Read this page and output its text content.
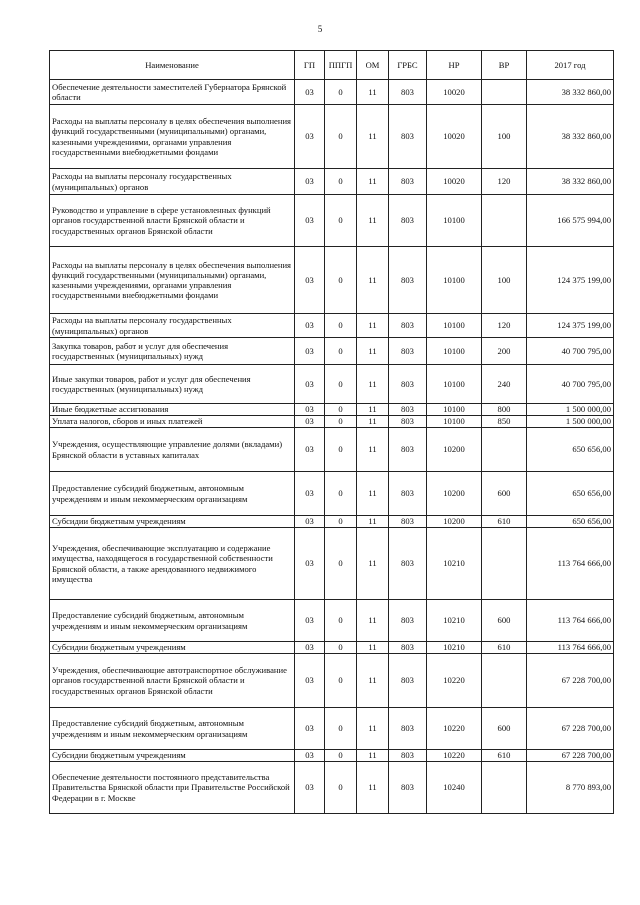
5
Наименование	ГП	ППГП	ОМ	ГРБС	НР	ВР	2017 год
Обеспечение деятельности заместителей Губернатора Брянской области	03	0	11	803	10020		38 332 860,00
Расходы на выплаты персоналу в целях обеспечения выполнения функций государственными (муниципальными) органами, казенными учреждениями, органами управления государственными внебюджетными фондами	03	0	11	803	10020	100	38 332 860,00
Расходы на выплаты персоналу государственных (муниципальных) органов	03	0	11	803	10020	120	38 332 860,00
Руководство и управление в сфере установленных функций органов государственной власти Брянской области и государственных органов Брянской области	03	0	11	803	10100		166 575 994,00
Расходы на выплаты персоналу в целях обеспечения выполнения функций государственными (муниципальными) органами, казенными учреждениями, органами управления государственными внебюджетными фондами	03	0	11	803	10100	100	124 375 199,00
Расходы на выплаты персоналу государственных (муниципальных) органов	03	0	11	803	10100	120	124 375 199,00
Закупка товаров, работ и услуг для обеспечения государственных (муниципальных) нужд	03	0	11	803	10100	200	40 700 795,00
Иные закупки товаров, работ и услуг для обеспечения государственных (муниципальных) нужд	03	0	11	803	10100	240	40 700 795,00
Иные бюджетные ассигнования	03	0	11	803	10100	800	1 500 000,00
Уплата налогов, сборов и иных платежей	03	0	11	803	10100	850	1 500 000,00
Учреждения, осуществляющие управление долями (вкладами) Брянской области в уставных капиталах	03	0	11	803	10200		650 656,00
Предоставление субсидий бюджетным, автономным учреждениям и иным некоммерческим организациям	03	0	11	803	10200	600	650 656,00
Субсидии бюджетным учреждениям	03	0	11	803	10200	610	650 656,00
Учреждения, обеспечивающие эксплуатацию и содержание имущества, находящегося в государственной собственности Брянской области, а также арендованного недвижимого имущества	03	0	11	803	10210		113 764 666,00
Предоставление субсидий бюджетным, автономным учреждениям и иным некоммерческим организациям	03	0	11	803	10210	600	113 764 666,00
Субсидии бюджетным учреждениям	03	0	11	803	10210	610	113 764 666,00
Учреждения, обеспечивающие автотранспортное обслуживание органов государственной власти Брянской области и государственных органов Брянской области	03	0	11	803	10220		67 228 700,00
Предоставление субсидий бюджетным, автономным учреждениям и иным некоммерческим организациям	03	0	11	803	10220	600	67 228 700,00
Субсидии бюджетным учреждениям	03	0	11	803	10220	610	67 228 700,00
Обеспечение деятельности постоянного представительства Правительства Брянской области при Правительстве Российской Федерации в г. Москве	03	0	11	803	10240		8 770 893,00
